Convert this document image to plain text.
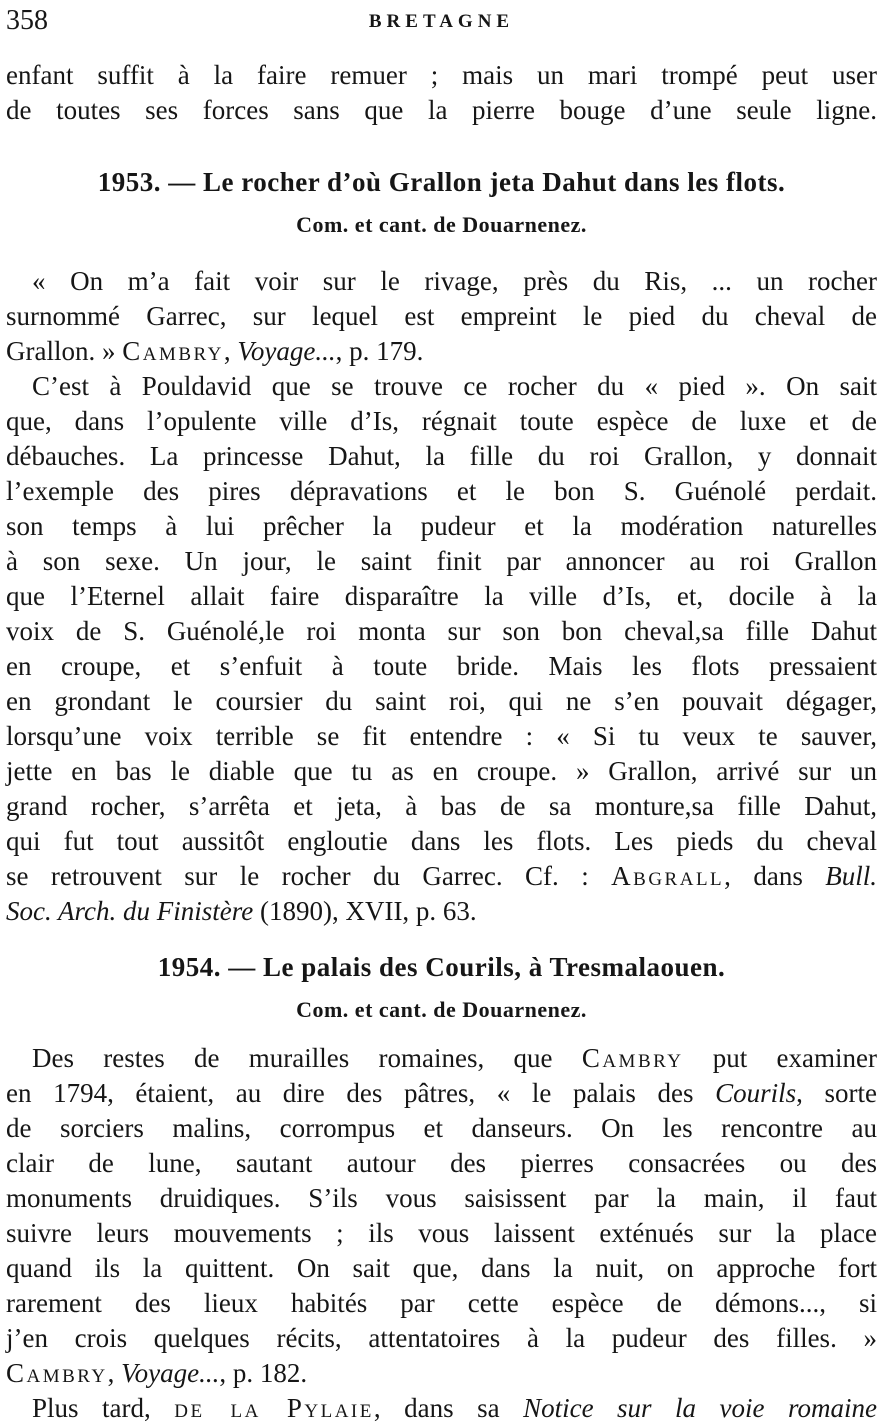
358	BRETAGNE
enfant suffit à la faire remuer ; mais un mari trompé peut user
de toutes ses forces sans que la pierre bouge d’une seule ligne.
1953. — Le rocher d’où Grallon jeta Dahut dans les flots.
Com. et cant. de Douarnenez.
« On m’a fait voir sur le rivage, près du Ris, ... un rocher
surnommé Garrec, sur lequel est empreint le pied du cheval de
Grallon. » Cambry, Voyage..., p. 179.
C’est à Pouldavid que se trouve ce rocher du « pied ». On sait
que, dans l’opulente ville d’Is, régnait toute espèce de luxe et de
débauches. La princesse Dahut, la fille du roi Grallon, y donnait
l’exemple des pires dépravations et le bon S. Guénolé perdait.
son temps à lui prêcher la pudeur et la modération naturelles
à son sexe. Un jour, le saint finit par annoncer au roi Grallon
que l’Eternel allait faire disparaître la ville d’Is, et, docile à la
voix de S. Guénolé,le roi monta sur son bon cheval,sa fille Dahut
en croupe, et s’enfuit à toute bride. Mais les flots pressaient
en grondant le coursier du saint roi, qui ne s’en pouvait dégager,
lorsqu’une voix terrible se fit entendre : « Si tu veux te sauver,
jette en bas le diable que tu as en croupe. » Grallon, arrivé sur un
grand rocher, s’arrêta et jeta, à bas de sa monture,sa fille Dahut,
qui fut tout aussitôt engloutie dans les flots. Les pieds du cheval
se retrouvent sur le rocher du Garrec. Cf. : Abgrall, dans Bull.
Soc. Arch. du Finistère (1890), XVII, p. 63.
1954. — Le palais des Courils, à Tresmalaouen.
Com. et cant. de Douarnenez.
Des restes de murailles romaines, que Cambry put examiner
en 1794, étaient, au dire des pâtres, « le palais des Courils, sorte
de sorciers malins, corrompus et danseurs. On les rencontre au
clair de lune, sautant autour des pierres consacrées ou des
monuments druidiques. S’ils vous saisissent par la main, il faut
suivre leurs mouvements ; ils vous laissent exténués sur la place
quand ils la quittent. On sait que, dans la nuit, on approche fort
rarement des lieux habités par cette espèce de démons..., si
j’en crois quelques récits, attentatoires à la pudeur des filles. »
Cambry, Voyage..., p. 182.
Plus tard, de la Pylaie, dans sa Notice sur la voie romaine
